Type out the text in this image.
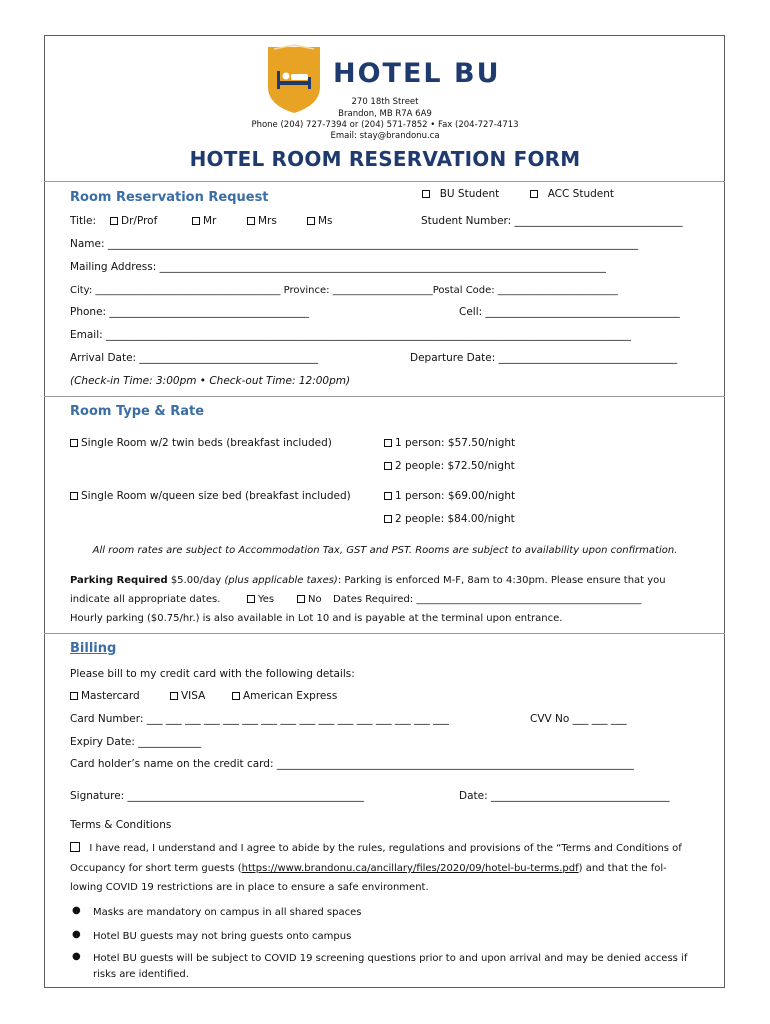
HOTEL BU
270 18th Street
Brandon, MB R7A 6A9
Phone (204) 727-7394 or (204) 571-7852 • Fax (204-727-4713
Email: stay@brandonu.ca
HOTEL ROOM RESERVATION FORM
Room Reservation Request	BU Student	ACC Student
Title:	Dr/Prof	Mr	Mrs	Ms	Student Number: ________________________________
Name: _____________________________________________________________________________________________________
Mailing Address: _____________________________________________________________________________________
City: _____________________________________ Province: ____________________Postal Code: ________________________
Phone: ______________________________________	Cell: _____________________________________
Email: ____________________________________________________________________________________________________
Arrival Date: __________________________________	Departure Date: __________________________________
(Check-in Time: 3:00pm • Check-out Time: 12:00pm)
Room Type & Rate
Single Room w/2 twin beds (breakfast included)	1 person: $57.50/night
2 people: $72.50/night
Single Room w/queen size bed (breakfast included)	1 person: $69.00/night
2 people: $84.00/night
All room rates are subject to Accommodation Tax, GST and PST. Rooms are subject to availability upon confirmation.
Parking Required $5.00/day (plus applicable taxes): Parking is enforced M-F, 8am to 4:30pm. Please ensure that you
indicate all appropriate dates.	Yes	No Dates Required: _____________________________________________
Hourly parking ($0.75/hr.) is also available in Lot 10 and is payable at the terminal upon entrance.
Billing
Please bill to my credit card with the following details:
Mastercard	VISA	American Express
Card Number: ___ ___ ___ ___ ___ ___ ___ ___ ___ ___ ___ ___ ___ ___ ___ ___	CVV No ___ ___ ___
Expiry Date: ____________
Card holder’s name on the credit card: ____________________________________________________________________
Signature: _____________________________________________	Date: __________________________________
Terms & Conditions
I have read, I understand and I agree to abide by the rules, regulations and provisions of the “Terms and Conditions of
Occupancy for short term guests (https://www.brandonu.ca/ancillary/files/2020/09/hotel-bu-terms.pdf) and that the fol-
lowing COVID 19 restrictions are in place to ensure a safe environment.
● Masks are mandatory on campus in all shared spaces
● Hotel BU guests may not bring guests onto campus
● Hotel BU guests will be subject to COVID 19 screening questions prior to and upon arrival and may be denied access if
risks are identified.
